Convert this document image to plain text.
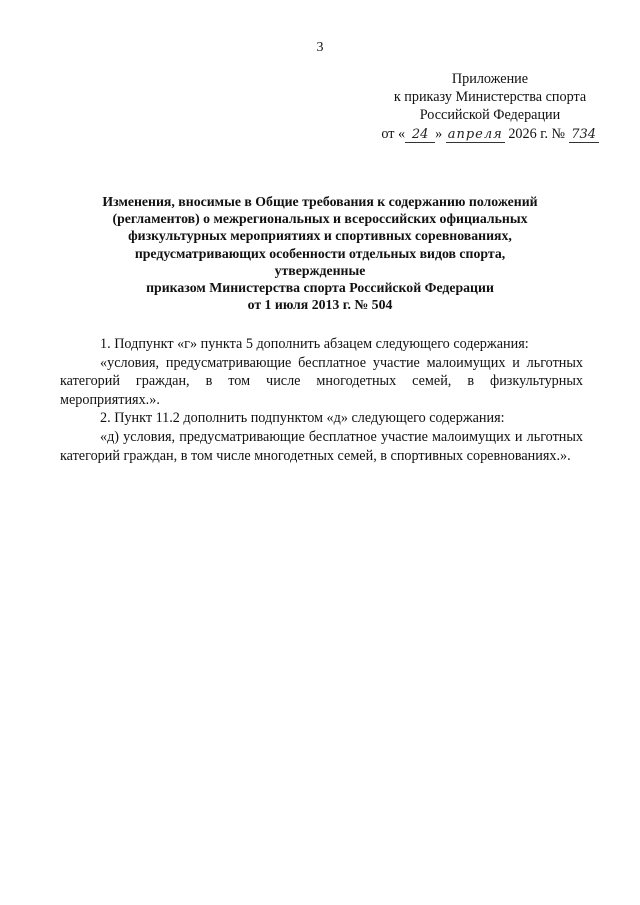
3
Приложение
к приказу Министерства спорта
Российской Федерации
от « 24 » апреля 2026 г. № 734
Изменения, вносимые в Общие требования к содержанию положений
(регламентов) о межрегиональных и всероссийских официальных
физкультурных мероприятиях и спортивных соревнованиях,
предусматривающих особенности отдельных видов спорта, утвержденные
приказом Министерства спорта Российской Федерации
от 1 июля 2013 г. № 504

1. Подпункт «г» пункта 5 дополнить абзацем следующего содержания:

«условия, предусматривающие бесплатное участие малоимущих и льготных категорий граждан, в том числе многодетных семей, в физкультурных мероприятиях.».

2. Пункт 11.2 дополнить подпунктом «д» следующего содержания:

«д) условия, предусматривающие бесплатное участие малоимущих и льготных категорий граждан, в том числе многодетных семей, в спортивных соревнованиях.».
